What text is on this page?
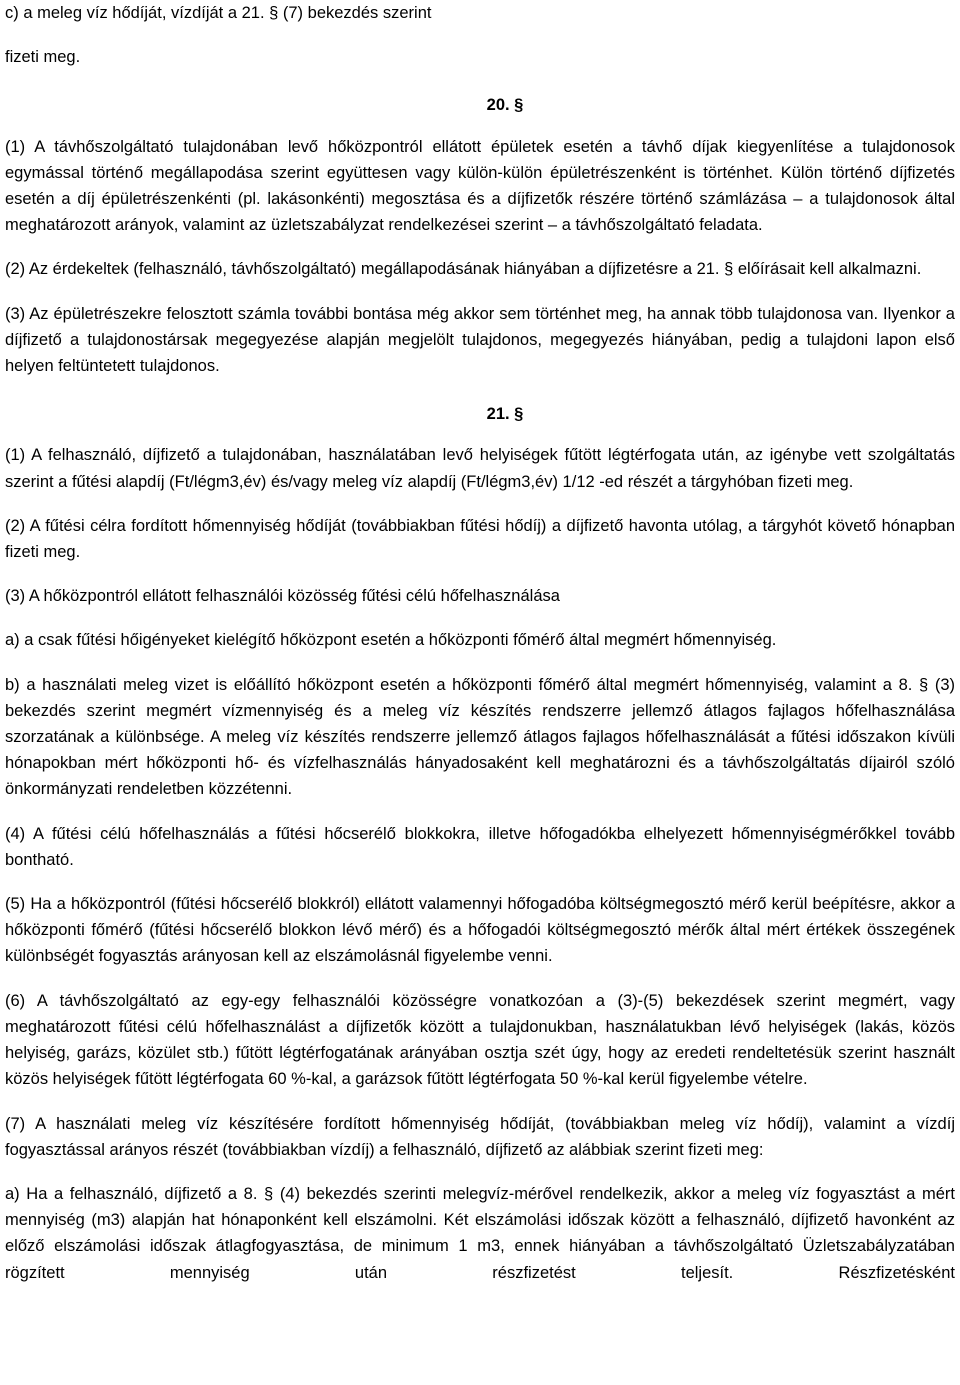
c) a meleg víz hődíját, vízdíját a 21. § (7) bekezdés szerint

fizeti meg.

20. §

(1) A távhőszolgáltató tulajdonában levő hőközpontról ellátott épületek esetén a távhő díjak kiegyenlítése a tulajdonosok egymással történő megállapodása szerint együttesen vagy külön-külön épületrészenként is történhet. Külön történő díjfizetés esetén a díj épületrészenkénti (pl. lakásonkénti) megosztása és a díjfizetők részére történő számlázása – a tulajdonosok által meghatározott arányok, valamint az üzletszabályzat rendelkezései szerint – a távhőszolgáltató feladata.

(2) Az érdekeltek (felhasználó, távhőszolgáltató) megállapodásának hiányában a díjfizetésre a 21. § előírásait kell alkalmazni.

(3) Az épületrészekre felosztott számla további bontása még akkor sem történhet meg, ha annak több tulajdonosa van. Ilyenkor a díjfizető a tulajdonostársak megegyezése alapján megjelölt tulajdonos, megegyezés hiányában, pedig a tulajdoni lapon első helyen feltüntetett tulajdonos.

21. §

(1) A felhasználó, díjfizető a tulajdonában, használatában levő helyiségek fűtött légtérfogata után, az igénybe vett szolgáltatás szerint a fűtési alapdíj (Ft/légm3,év) és/vagy meleg víz alapdíj (Ft/légm3,év) 1/12 -ed részét a tárgyhóban fizeti meg.

(2) A fűtési célra fordított hőmennyiség hődíját (továbbiakban fűtési hődíj) a díjfizető havonta utólag, a tárgyhót követő hónapban fizeti meg.

(3) A hőközpontról ellátott felhasználói közösség fűtési célú hőfelhasználása

a) a csak fűtési hőigényeket kielégítő hőközpont esetén a hőközponti főmérő által megmért hőmennyiség.

b) a használati meleg vizet is előállító hőközpont esetén a hőközponti főmérő által megmért hőmennyiség, valamint a 8. § (3) bekezdés szerint megmért vízmennyiség és a meleg víz készítés rendszerre jellemző átlagos fajlagos hőfelhasználása szorzatának a különbsége. A meleg víz készítés rendszerre jellemző átlagos fajlagos hőfelhasználását a fűtési időszakon kívüli hónapokban mért hőközponti hő- és vízfelhasználás hányadosaként kell meghatározni és a távhőszolgáltatás díjairól szóló önkormányzati rendeletben közzétenni.

(4) A fűtési célú hőfelhasználás a fűtési hőcserélő blokkokra, illetve hőfogadókba elhelyezett hőmennyiségmérőkkel tovább bontható.

(5) Ha a hőközpontról (fűtési hőcserélő blokkról) ellátott valamennyi hőfogadóba költségmegosztó mérő kerül beépítésre, akkor a hőközponti főmérő (fűtési hőcserélő blokkon lévő mérő) és a hőfogadói költségmegosztó mérők által mért értékek összegének különbségét fogyasztás arányosan kell az elszámolásnál figyelembe venni.

(6) A távhőszolgáltató az egy-egy felhasználói közösségre vonatkozóan a (3)-(5) bekezdések szerint megmért, vagy meghatározott fűtési célú hőfelhasználást a díjfizetők között a tulajdonukban, használatukban lévő helyiségek (lakás, közös helyiség, garázs, közület stb.) fűtött légtérfogatának arányában osztja szét úgy, hogy az eredeti rendeltetésük szerint használt közös helyiségek fűtött légtérfogata 60 %-kal, a garázsok fűtött légtérfogata 50 %-kal kerül figyelembe vételre.

(7) A használati meleg víz készítésére fordított hőmennyiség hődíját, (továbbiakban meleg víz hődíj), valamint a vízdíj fogyasztással arányos részét (továbbiakban vízdíj) a felhasználó, díjfizető az alábbiak szerint fizeti meg:

a) Ha a felhasználó, díjfizető a 8. § (4) bekezdés szerinti melegvíz-mérővel rendelkezik, akkor a meleg víz fogyasztást a mért mennyiség (m3) alapján hat hónaponként kell elszámolni. Két elszámolási időszak között a felhasználó, díjfizető havonként az előző elszámolási időszak átlagfogyasztása, de minimum 1 m3, ennek hiányában a távhőszolgáltató Üzletszabályzatában rögzített mennyiség után részfizetést teljesít. Részfizetésként
